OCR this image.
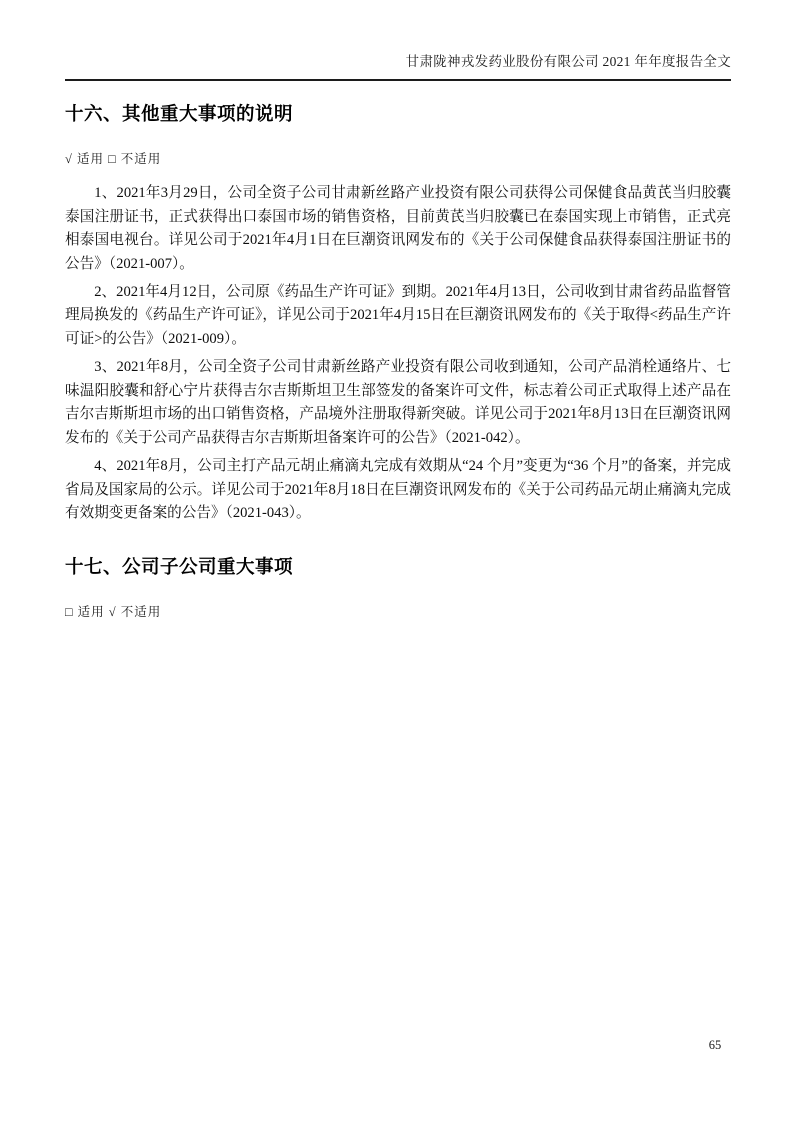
甘肃陇神戎发药业股份有限公司 2021 年年度报告全文
十六、其他重大事项的说明
√ 适用 □ 不适用

1、2021年3月29日，公司全资子公司甘肃新丝路产业投资有限公司获得公司保健食品黄芪当归胶囊泰国注册证书，正式获得出口泰国市场的销售资格，目前黄芪当归胶囊已在泰国实现上市销售，正式亮相泰国电视台。详见公司于2021年4月1日在巨潮资讯网发布的《关于公司保健食品获得泰国注册证书的公告》（2021-007）。

2、2021年4月12日，公司原《药品生产许可证》到期。2021年4月13日，公司收到甘肃省药品监督管理局换发的《药品生产许可证》，详见公司于2021年4月15日在巨潮资讯网发布的《关于取得<药品生产许可证>的公告》（2021-009）。

3、2021年8月，公司全资子公司甘肃新丝路产业投资有限公司收到通知，公司产品消栓通络片、七味温阳胶囊和舒心宁片获得吉尔吉斯斯坦卫生部签发的备案许可文件，标志着公司正式取得上述产品在吉尔吉斯斯坦市场的出口销售资格，产品境外注册取得新突破。详见公司于2021年8月13日在巨潮资讯网发布的《关于公司产品获得吉尔吉斯斯坦备案许可的公告》（2021-042）。

4、2021年8月，公司主打产品元胡止痛滴丸完成有效期从“24 个月”变更为“36 个月”的备案，并完成省局及国家局的公示。详见公司于2021年8月18日在巨潮资讯网发布的《关于公司药品元胡止痛滴丸完成有效期变更备案的公告》（2021-043）。

十七、公司子公司重大事项
□ 适用 √ 不适用
65
